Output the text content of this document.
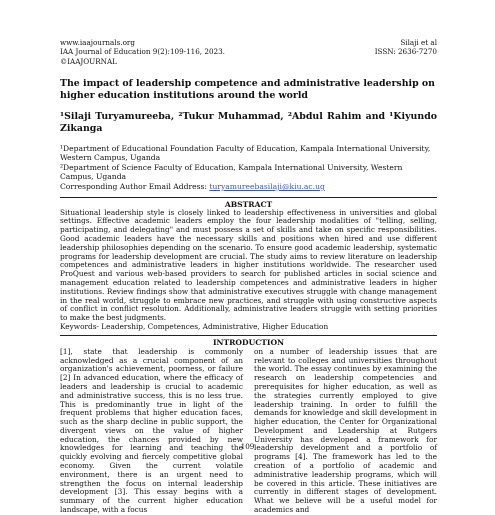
www.iaajournals.org
IAA Journal of Education 9(2):109-116, 2023.
©IAAJOURNAL
Silaji et al
ISSN: 2636-7270
The impact of leadership competence and administrative leadership on higher education institutions around the world
¹Silaji Turyamureeba, ²Tukur Muhammad, ²Abdul Rahim and ¹Kiyundo Zikanga
¹Department of Educational Foundation Faculty of Education, Kampala International University, Western Campus, Uganda
²Department of Science Faculty of Education, Kampala International University, Western Campus, Uganda
Corresponding Author Email Address: turyamureebasilaji@kiu.ac.ug
ABSTRACT
Situational leadership style is closely linked to leadership effectiveness in universities and global settings. Effective academic leaders employ the four leadership modalities of "telling, selling, participating, and delegating" and must possess a set of skills and take on specific responsibilities. Good academic leaders have the necessary skills and positions when hired and use different leadership philosophies depending on the scenario. To ensure good academic leadership, systematic programs for leadership development are crucial. The study aims to review literature on leadership competences and administrative leaders in higher institutions worldwide. The researcher used ProQuest and various web-based providers to search for published articles in social science and management education related to leadership competences and administrative leaders in higher institutions. Review findings show that administrative executives struggle with change management in the real world, struggle to embrace new practices, and struggle with using constructive aspects of conflict in conflict resolution. Additionally, administrative leaders struggle with setting priorities to make the best judgments.
Keywords- Leadership, Competences, Administrative, Higher Education
INTRODUCTION
[1], state that leadership is commonly acknowledged as a crucial component of an organization's achievement, poorness, or failure [2] In advanced education, where the efficacy of leaders and leadership is crucial to academic and administrative success, this is no less true. This is predominantly true in light of the frequent problems that higher education faces, such as the sharp decline in public support, the divergent views on the value of higher education, the chances provided by new knowledges for learning and teaching the quickly evolving and fiercely competitive global economy. Given the current volatile environment, there is an urgent need to strengthen the focus on internal leadership development [3]. This essay begins with a summary of the current higher education landscape, with a focus
on a number of leadership issues that are relevant to colleges and universities throughout the world. The essay continues by examining the research on leadership competencies and prerequisites for higher education, as well as the strategies currently employed to give leadership training. In order to fulfill the demands for knowledge and skill development in higher education, the Center for Organizational Development and Leadership at Rutgers University has developed a framework for leadership development and a portfolio of programs [4]. The framework has led to the creation of a portfolio of academic and administrative leadership programs, which will be covered in this article. These initiatives are currently in different stages of development. What we believe will be a useful model for academics and
109
